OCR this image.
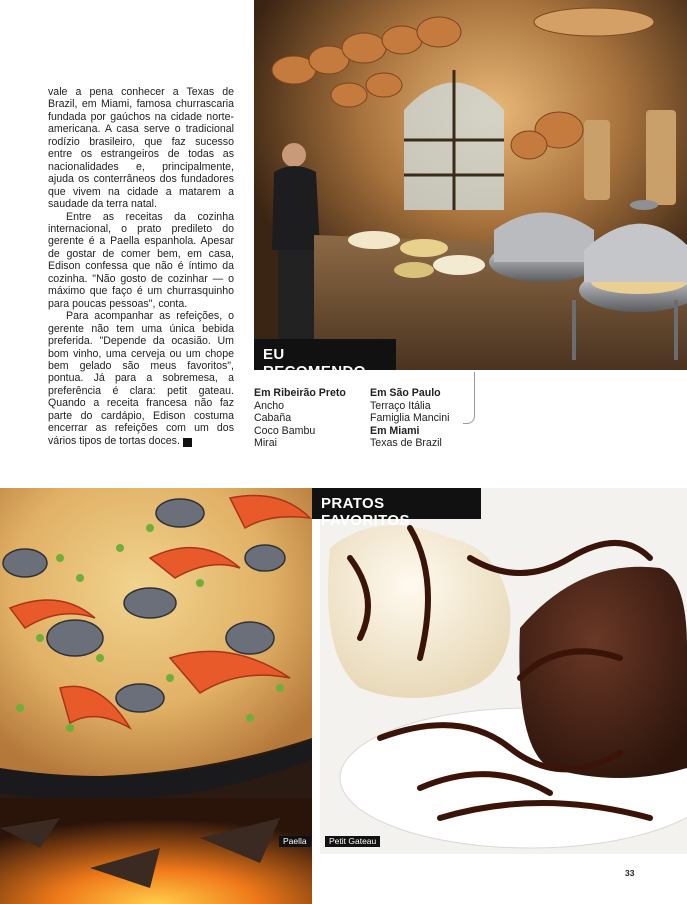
vale a pena conhecer a Texas de Brazil, em Miami, famosa churrascaria fundada por gaúchos na cidade norte-americana. A casa serve o tradicional rodízio brasileiro, que faz sucesso entre os estrangeiros de todas as nacionalidades e, principalmente, ajuda os conterrâneos dos fundadores que vivem na cidade a matarem a saudade da terra natal.

Entre as receitas da cozinha internacional, o prato predileto do gerente é a Paella espanhola. Apesar de gostar de comer bem, em casa, Edison confessa que não é íntimo da cozinha. "Não gosto de cozinhar — o máximo que faço é um churrasquinho para poucas pessoas", conta.

Para acompanhar as refeições, o gerente não tem uma única bebida preferida. "Depende da ocasião. Um bom vinho, uma cerveja ou um chope bem gelado são meus favoritos", pontua. Já para a sobremesa, a preferência é clara: petit gateau. Quando a receita francesa não faz parte do cardápio, Edison costuma encerrar as refeições com um dos vários tipos de tortas doces.	r

EU RECOMENDO
Em Ribeirão Preto
Ancho
Cabaña
Coco Bambu
Mirai
Em São Paulo
Terraço Itália
Famiglia Mancini
Em Miami
Texas de Brazil
PRATOS FAVORITOS
Paella	Petit Gateau
33
